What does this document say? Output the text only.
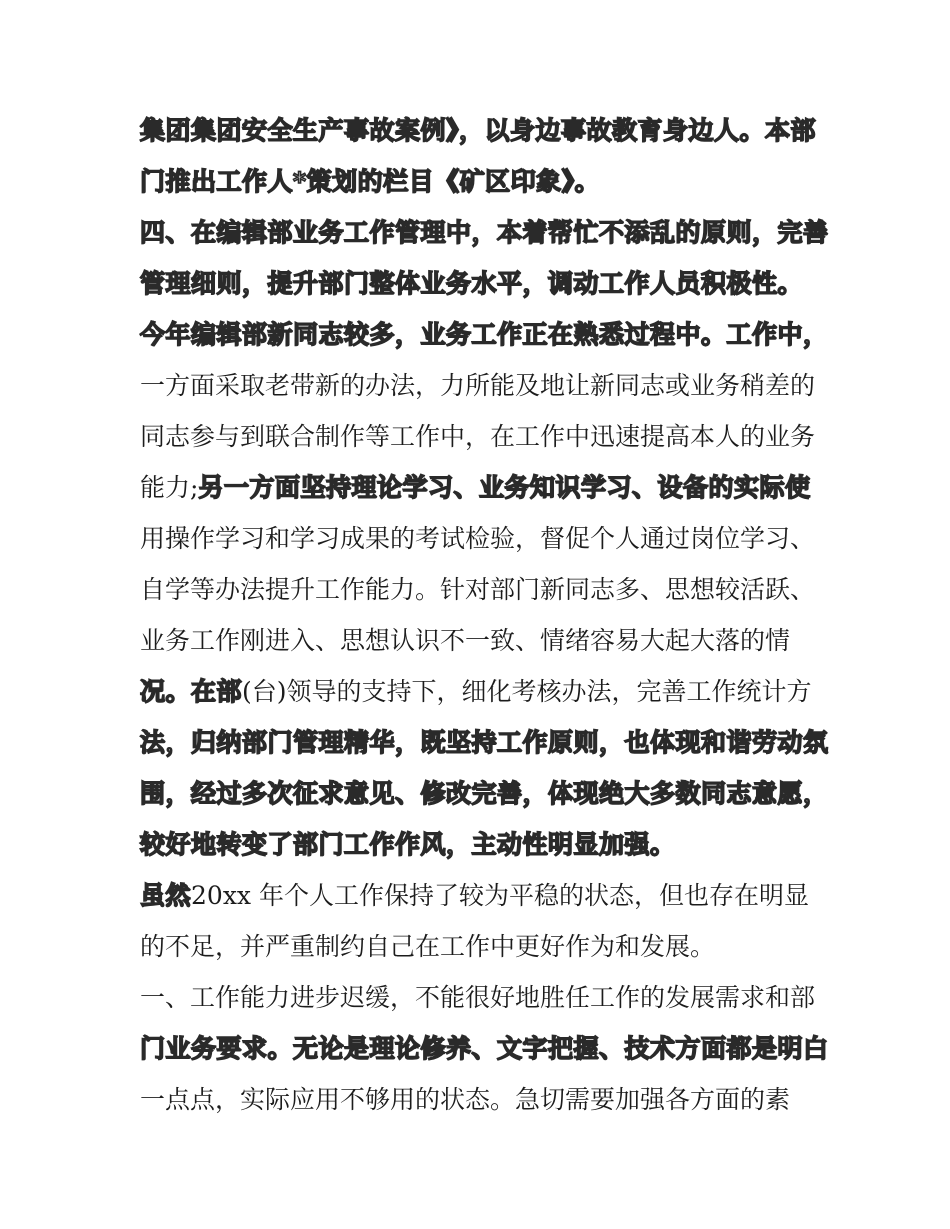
集团集团安全生产事故案例》，以身边事故教育身边人。本部
门推出工作人*策划的栏目《矿区印象》。
四、在编辑部业务工作管理中，本着帮忙不添乱的原则，完善
管理细则，提升部门整体业务水平，调动工作人员积极性。
今年编辑部新同志较多，业务工作正在熟悉过程中。工作中，
一方面采取老带新的办法，力所能及地让新同志或业务稍差的
同志参与到联合制作等工作中，在工作中迅速提高本人的业务
能力;另一方面坚持理论学习、业务知识学习、设备的实际使
用操作学习和学习成果的考试检验，督促个人通过岗位学习、
自学等办法提升工作能力。针对部门新同志多、思想较活跃、
业务工作刚进入、思想认识不一致、情绪容易大起大落的情
况。在部(台)领导的支持下，细化考核办法，完善工作统计方
法，归纳部门管理精华，既坚持工作原则，也体现和谐劳动氛
围，经过多次征求意见、修改完善，体现绝大多数同志意愿，
较好地转变了部门工作作风，主动性明显加强。
虽然20xx 年个人工作保持了较为平稳的状态，但也存在明显
的不足，并严重制约自己在工作中更好作为和发展。
一、工作能力进步迟缓，不能很好地胜任工作的发展需求和部
门业务要求。无论是理论修养、文字把握、技术方面都是明白
一点点，实际应用不够用的状态。急切需要加强各方面的素
